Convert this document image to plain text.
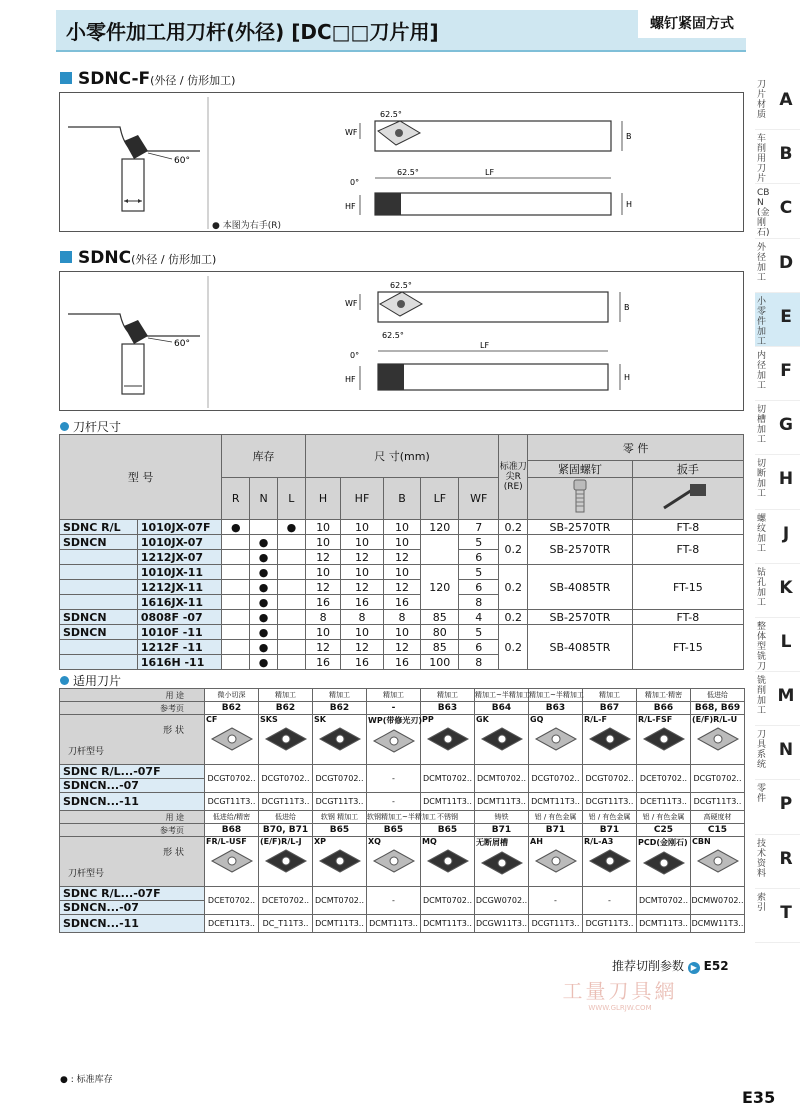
小零件加工用刀杆(外径) [DC□□刀片用]	螺钉紧固方式
刀片材质
A
车削用刀片
B
CBN (金刚石)
C
外径加工
D
小零件加工
E
内径加工
F
切槽加工
G
切断加工
H
螺纹加工
J
钻孔加工
K
整体型铣刀
L
铣削加工
M
刀具系统
N
零件 P
技术资料
R
索引 T
SDNC-F(外径 / 仿形加工)
60°
62.5°
62.5°
WF	B
LF
0°
HF	H
● 本图为右手(R)
SDNC(外径 / 仿形加工)
60°
62.5°
62.5°
WF	B
LF
0°
HF	H
刀杆尺寸
型 号		库存			尺 寸(mm)					标准刀尖R (RE)	零 件	
											紧固螺钉	扳手
		R	N	L	H	HF	B	LF	WF		
SDNC R/L	1010JX-07F	●		●	10	10	10	120	7	0.2	SB-2570TR	FT-8
SDNCN	1010JX-07		●		10	10	10		5	0.2	SB-2570TR	FT-8
	1212JX-07		●		12	12	12		6			
	1010JX-11		●		10	10	10	120	5	0.2	SB-4085TR	FT-15
	1212JX-11		●		12	12	12		6			
	1616JX-11		●		16	16	16		8			
SDNCN	0808F -07		●		8	8	8	85	4	0.2	SB-2570TR	FT-8
SDNCN	1010F -11		●		10	10	10	80	5	0.2	SB-4085TR	FT-15
	1212F -11		●		12	12	12	85	6			
	1616H -11		●		16	16	16	100	8			
适用刀片
用 途	微小切深	精加工	精加工	精加工	精加工	精加工~半精加工	精加工~半精加工	精加工	精加工·精密	低进给
参考页	B62	B62	B62	-	B63	B64	B63	B67	B66	B68, B69

形 状
刀杆型号	CF	SKS	SK	WP(带修光刃)	PP	GK	GQ	R/L-F	R/L-FSF	(E/F)R/L-U

SDNC R/L...-07F	DCGT0702..	DCGT0702..	DCGT0702..	-	DCMT0702..	DCMT0702..	DCGT0702..	DCGT0702..	DCET0702..	DCGT0702..
SDNCN...-07										
SDNCN...-11	DCGT11T3..	DCGT11T3..	DCGT11T3..	-	DCMT11T3..	DCMT11T3..	DCMT11T3..	DCGT11T3..	DCET11T3..	DCGT11T3..
用 途	低进给/精密	低进给	软钢 精加工	软钢精加工~半精加工	不锈钢	铸铁	铝 / 有色金属	铝 / 有色金属	铝 / 有色金属	高硬度材
参考页	B68	B70, B71	B65	B65	B65	B71	B71	B71	C25	C15

形 状
刀杆型号	FR/L-USF	(E/F)R/L-J	XP	XQ	MQ	无断屑槽	AH	R/L-A3	PCD(金刚石)	CBN

SDNC R/L...-07F	DCET0702..	DCET0702..	DCMT0702..	-	DCMT0702..	DCGW0702..	-	-	DCMT0702..	DCMW0702..
SDNCN...-07										
SDNCN...-11	DCET11T3..	DC_T11T3..	DCMT11T3..	DCMT11T3..	DCMT11T3..	DCGW11T3..	DCGT11T3..	DCGT11T3..	DCMT11T3..	DCMW11T3..
推荐切削参数 ▶ E52
工量刀具網
WWW.GLRJW.COM
● : 标准库存
E35
